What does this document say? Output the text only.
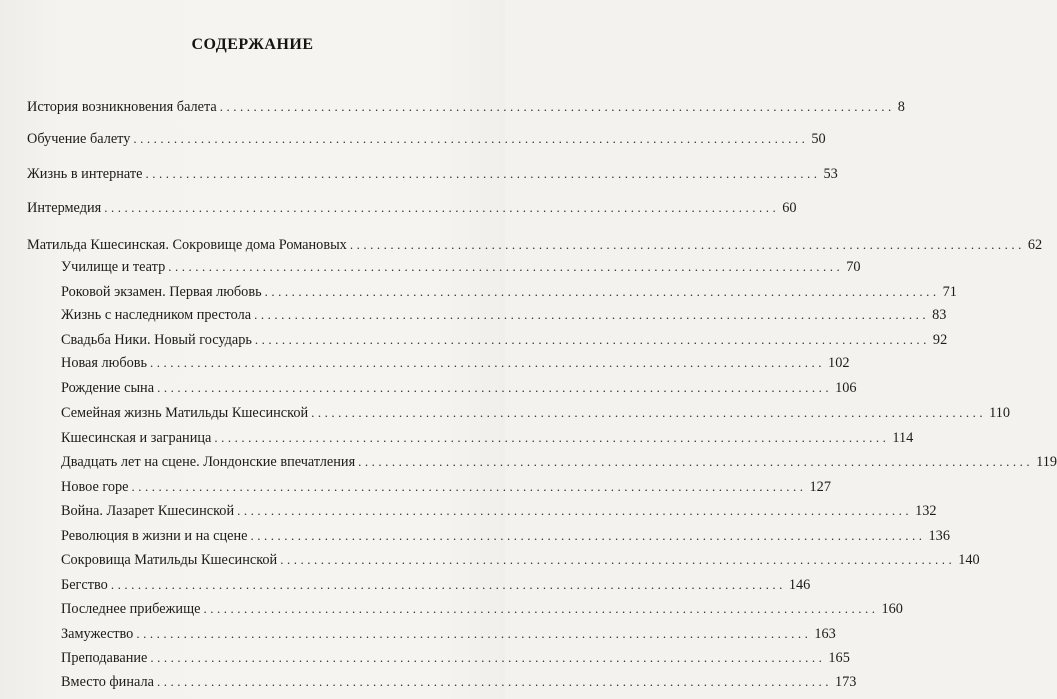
СОДЕРЖАНИЕ
История возникновения балета .................................................................................................... 8
Обучение балету .................................................................................................... 50
Жизнь в интернате .................................................................................................... 53
Интермедия .................................................................................................... 60
Матильда Кшесинская. Сокровище дома Романовых .................................................................................................... 62
Училище и театр .................................................................................................... 70
Роковой экзамен. Первая любовь .................................................................................................... 71
Жизнь с наследником престола .................................................................................................... 83
Свадьба Ники. Новый государь .................................................................................................... 92
Новая любовь .................................................................................................... 102
Рождение сына .................................................................................................... 106
Семейная жизнь Матильды Кшесинской .................................................................................................... 110
Кшесинская и заграница .................................................................................................... 114
Двадцать лет на сцене. Лондонские впечатления .................................................................................................... 119
Новое горе .................................................................................................... 127
Война. Лазарет Кшесинской .................................................................................................... 132
Революция в жизни и на сцене .................................................................................................... 136
Сокровища Матильды Кшесинской .................................................................................................... 140
Бегство .................................................................................................... 146
Последнее прибежище .................................................................................................... 160
Замужество .................................................................................................... 163
Преподавание .................................................................................................... 165
Вместо финала .................................................................................................... 173
